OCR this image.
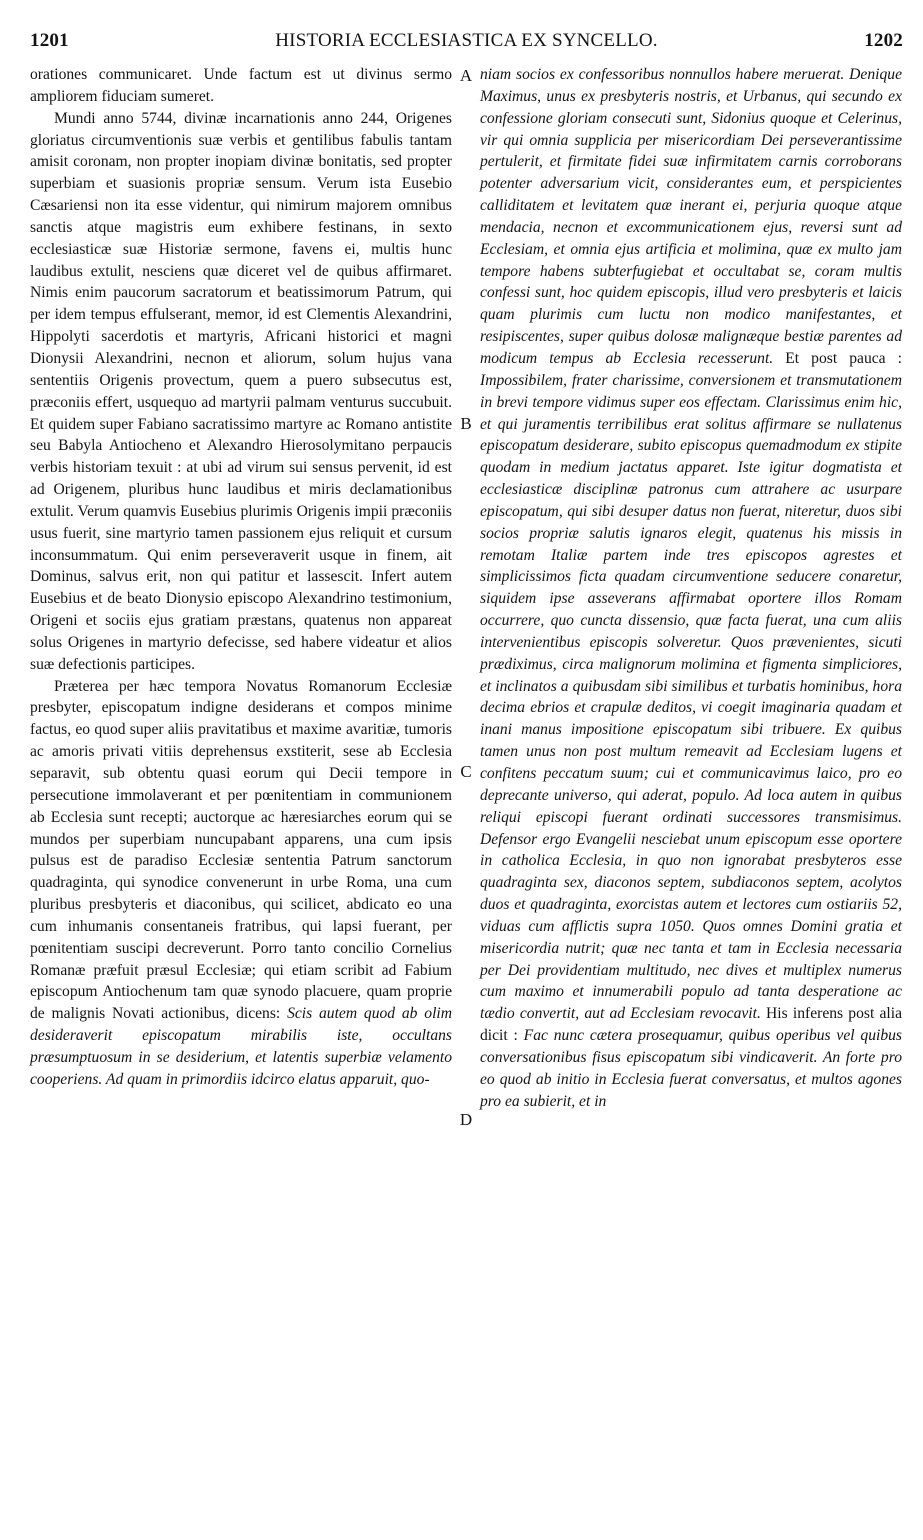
1201	HISTORIA ECCLESIASTICA EX SYNCELLO.	1202

orationes communicaret. Unde factum est ut divinus sermo ampliorem fiduciam sumeret.

Mundi anno 5744, divinæ incarnationis anno 244, Origenes gloriatus circumventionis suæ verbis et gentilibus fabulis tantam amisit coronam, non propter inopiam divinæ bonitatis, sed propter superbiam et suasionis propriæ sensum. Verum ista Eusebio Cæsariensi non ita esse videntur, qui nimirum majorem omnibus sanctis atque magistris eum exhibere festinans, in sexto ecclesiasticæ suæ Historiæ sermone, favens ei, multis hunc laudibus extulit, nesciens quæ diceret vel de quibus affirmaret. Nimis enim paucorum sacratorum et beatissimorum Patrum, qui per idem tempus effulserant, memor, id est Clementis Alexandrini, Hippolyti sacerdotis et martyris, Africani historici et magni Dionysii Alexandrini, necnon et aliorum, solum hujus vana sententiis Origenis provectum, quem a puero subsecutus est, præconiis effert, usquequo ad martyrii palmam venturus succubuit. Et quidem super Fabiano sacratissimo martyre ac Romano antistite seu Babyla Antiocheno et Alexandro Hierosolymitano perpaucis verbis historiam texuit : at ubi ad virum sui sensus pervenit, id est ad Origenem, pluribus hunc laudibus et miris declamationibus extulit. Verum quamvis Eusebius plurimis Origenis impii præconiis usus fuerit, sine martyrio tamen passionem ejus reliquit et cursum inconsummatum. Qui enim perseveraverit usque in finem, ait Dominus, salvus erit, non qui patitur et lassescit. Infert autem Eusebius et de beato Dionysio episcopo Alexandrino testimonium, Origeni et sociis ejus gratiam præstans, quatenus non appareat solus Origenes in martyrio defecisse, sed habere videatur et alios suæ defectionis participes.

Præterea per hæc tempora Novatus Romanorum Ecclesiæ presbyter, episcopatum indigne desiderans et compos minime factus, eo quod super aliis pravitatibus et maxime avaritiæ, tumoris ac amoris privati vitiis deprehensus exstiterit, sese ab Ecclesia separavit, sub obtentu quasi eorum qui Decii tempore in persecutione immolaverant et per pœnitentiam in communionem ab Ecclesia sunt recepti; auctorque ac hæresiarches eorum qui se mundos per superbiam nuncupabant apparens, una cum ipsis pulsus est de paradiso Ecclesiæ sententia Patrum sanctorum quadraginta, qui synodice convenerunt in urbe Roma, una cum pluribus presbyteris et diaconibus, qui scilicet, abdicato eo una cum inhumanis consentaneis fratribus, qui lapsi fuerant, per pœnitentiam suscipi decreverunt. Porro tanto concilio Cornelius Romanæ præfuit præsul Ecclesiæ; qui etiam scribit ad Fabium episcopum Antiochenum tam quæ synodo placuere, quam proprie de malignis Novati actionibus, dicens: Scis autem quod ab olim desideraverit episcopatum mirabilis iste, occultans præsumptuosum in se desiderium, et latentis superbiæ velamento cooperiens. Ad quam in primordiis idcirco elatus apparuit, quo-

A
B
C
D

niam socios ex confessoribus nonnullos habere meruerat. Denique Maximus, unus ex presbyteris nostris, et Urbanus, qui secundo ex confessione gloriam consecuti sunt, Sidonius quoque et Celerinus, vir qui omnia supplicia per misericordiam Dei perseverantissime pertulerit, et firmitate fidei suæ infirmitatem carnis corroborans potenter adversarium vicit, considerantes eum, et perspicientes calliditatem et levitatem quæ inerant ei, perjuria quoque atque mendacia, necnon et excommunicationem ejus, reversi sunt ad Ecclesiam, et omnia ejus artificia et molimina, quæ ex multo jam tempore habens subterfugiebat et occultabat se, coram multis confessi sunt, hoc quidem episcopis, illud vero presbyteris et laicis quam plurimis cum luctu non modico manifestantes, et resipiscentes, super quibus dolosæ malignæque bestiæ parentes ad modicum tempus ab Ecclesia recesserunt. Et post pauca : Impossibilem, frater charissime, conversionem et transmutationem in brevi tempore vidimus super eos effectam. Clarissimus enim hic, et qui juramentis terribilibus erat solitus affirmare se nullatenus episcopatum desiderare, subito episcopus quemadmodum ex stipite quodam in medium jactatus apparet. Iste igitur dogmatista et ecclesiasticæ disciplinæ patronus cum attrahere ac usurpare episcopatum, qui sibi desuper datus non fuerat, niteretur, duos sibi socios propriæ salutis ignaros elegit, quatenus his missis in remotam Italiæ partem inde tres episcopos agrestes et simplicissimos ficta quadam circumventione seducere conaretur, siquidem ipse asseverans affirmabat oportere illos Romam occurrere, quo cuncta dissensio, quæ facta fuerat, una cum aliis intervenientibus episcopis solveretur. Quos prævenientes, sicuti prædiximus, circa malignorum molimina et figmenta simpliciores, et inclinatos a quibusdam sibi similibus et turbatis hominibus, hora decima ebrios et crapulæ deditos, vi coegit imaginaria quadam et inani manus impositione episcopatum sibi tribuere. Ex quibus tamen unus non post multum remeavit ad Ecclesiam lugens et confitens peccatum suum; cui et communicavimus laico, pro eo deprecante universo, qui aderat, populo. Ad loca autem in quibus reliqui episcopi fuerant ordinati successores transmisimus. Defensor ergo Evangelii nesciebat unum episcopum esse oportere in catholica Ecclesia, in quo non ignorabat presbyteros esse quadraginta sex, diaconos septem, subdiaconos septem, acolytos duos et quadraginta, exorcistas autem et lectores cum ostiariis 52, viduas cum afflictis supra 1050. Quos omnes Domini gratia et misericordia nutrit; quæ nec tanta et tam in Ecclesia necessaria per Dei providentiam multitudo, nec dives et multiplex numerus cum maximo et innumerabili populo ad tanta desperatione ac tædio convertit, aut ad Ecclesiam revocavit. His inferens post alia dicit : Fac nunc cætera prosequamur, quibus operibus vel quibus conversationibus fisus episcopatum sibi vindicaverit. An forte pro eo quod ab initio in Ecclesia fuerat conversatus, et multos agones pro ea subierit, et in
